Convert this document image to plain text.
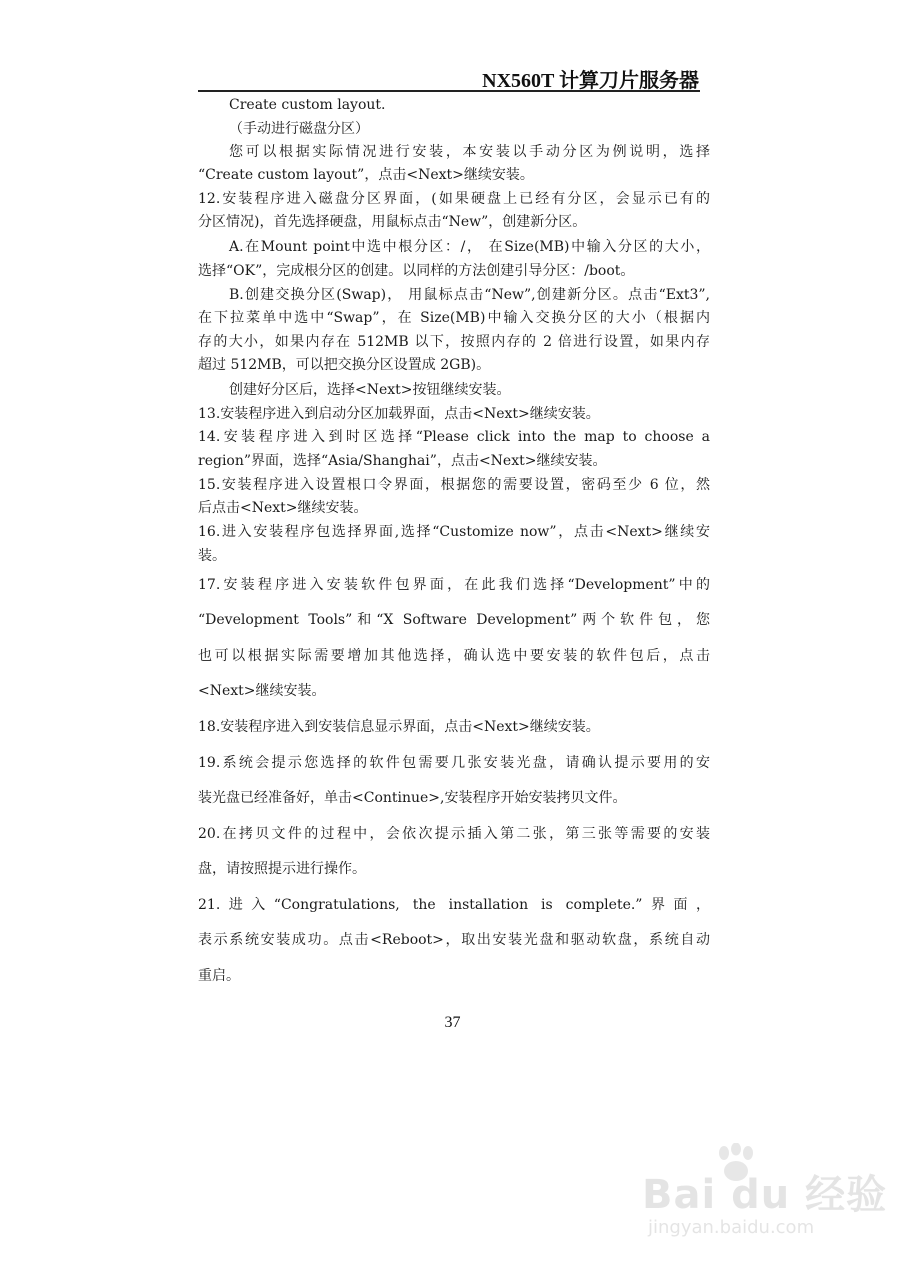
NX560T 计算刀片服务器
Create custom layout.
（手动进行磁盘分区）
您可以根据实际情况进行安装，本安装以手动分区为例说明，选择
“Create custom layout”，点击<Next>继续安装。
12.安装程序进入磁盘分区界面，(如果硬盘上已经有分区，会显示已有的
分区情况)，首先选择硬盘，用鼠标点击“New”，创建新分区。
A.在Mount point中选中根分区：/， 在Size(MB)中输入分区的大小，
选择“OK”，完成根分区的创建。以同样的方法创建引导分区：/boot。
B.创建交换分区(Swap)， 用鼠标点击“New”,创建新分区。点击“Ext3”,
在下拉菜单中选中“Swap”，在 Size(MB)中输入交换分区的大小（根据内
存的大小，如果内存在 512MB 以下，按照内存的 2 倍进行设置，如果内存
超过 512MB，可以把交换分区设置成 2GB)。
创建好分区后，选择<Next>按钮继续安装。
13.安装程序进入到启动分区加载界面，点击<Next>继续安装。
14.安装程序进入到时区选择“Please click into the map to choose a
region”界面，选择“Asia/Shanghai”，点击<Next>继续安装。
15.安装程序进入设置根口令界面，根据您的需要设置，密码至少 6 位，然
后点击<Next>继续安装。
16.进入安装程序包选择界面,选择“Customize now”，点击<Next>继续安
装。
17.安装程序进入安装软件包界面，在此我们选择“Development”中的
“Development Tools”和“X Software Development”两个软件包，您
也可以根据实际需要增加其他选择，确认选中要安装的软件包后，点击
<Next>继续安装。
18.安装程序进入到安装信息显示界面，点击<Next>继续安装。
19.系统会提示您选择的软件包需要几张安装光盘，请确认提示要用的安
装光盘已经准备好，单击<Continue>,安装程序开始安装拷贝文件。
20.在拷贝文件的过程中，会依次提示插入第二张，第三张等需要的安装
盘，请按照提示进行操作。
21.进入“Congratulations, the installation is complete.”界面，
表示系统安装成功。点击<Reboot>，取出安装光盘和驱动软盘，系统自动
重启。
37
Bai du 经验
jingyan.baidu.com
